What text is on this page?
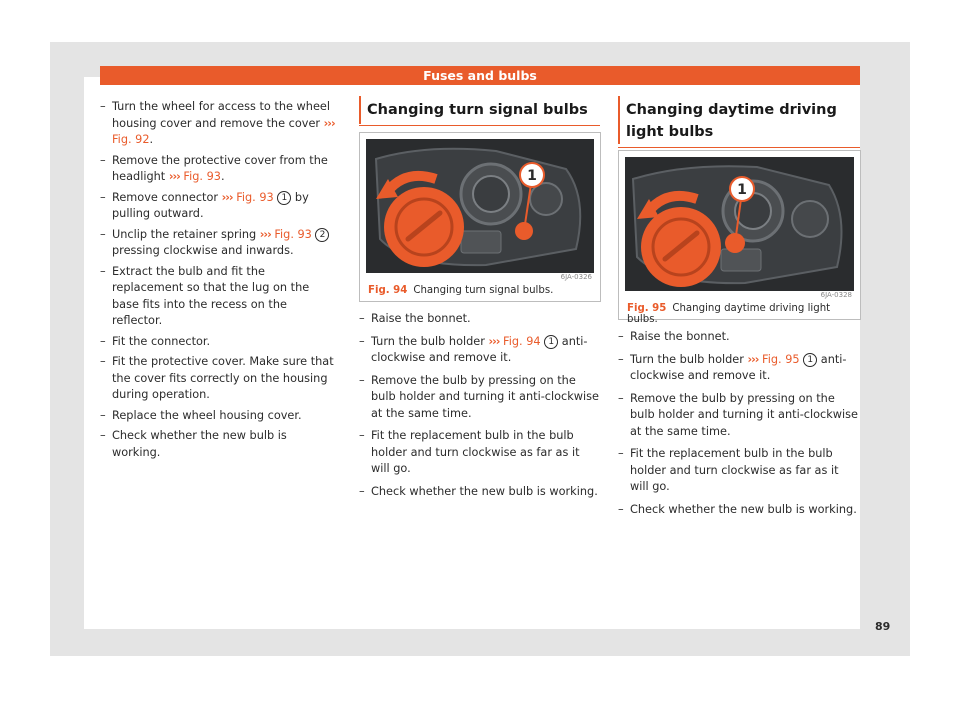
Fuses and bulbs
– Turn the wheel for access to the wheel housing cover and remove the cover ››› Fig. 92.
– Remove the protective cover from the headlight ››› Fig. 93.
– Remove connector ››› Fig. 93 1 by pulling outward.
– Unclip the retainer spring ››› Fig. 93 2 pressing clockwise and inwards.
– Extract the bulb and fit the replacement so that the lug on the base fits into the recess on the reflector.
– Fit the connector.
– Fit the protective cover. Make sure that the cover fits correctly on the housing during operation.
– Replace the wheel housing cover.
– Check whether the new bulb is working.
Changing turn signal bulbs
1
6JA-0326
Fig. 94 Changing turn signal bulbs.
– Raise the bonnet.
– Turn the bulb holder ››› Fig. 94 1 anti-clockwise and remove it.
– Remove the bulb by pressing on the bulb holder and turning it anti-clockwise at the same time.
– Fit the replacement bulb in the bulb holder and turn clockwise as far as it will go.
– Check whether the new bulb is working.
Changing daytime driving light bulbs
1
6JA-0328
Fig. 95 Changing daytime driving light bulbs.
– Raise the bonnet.
– Turn the bulb holder ››› Fig. 95 1 anti-clockwise and remove it.
– Remove the bulb by pressing on the bulb holder and turning it anti-clockwise at the same time.
– Fit the replacement bulb in the bulb holder and turn clockwise as far as it will go.
– Check whether the new bulb is working.
89
